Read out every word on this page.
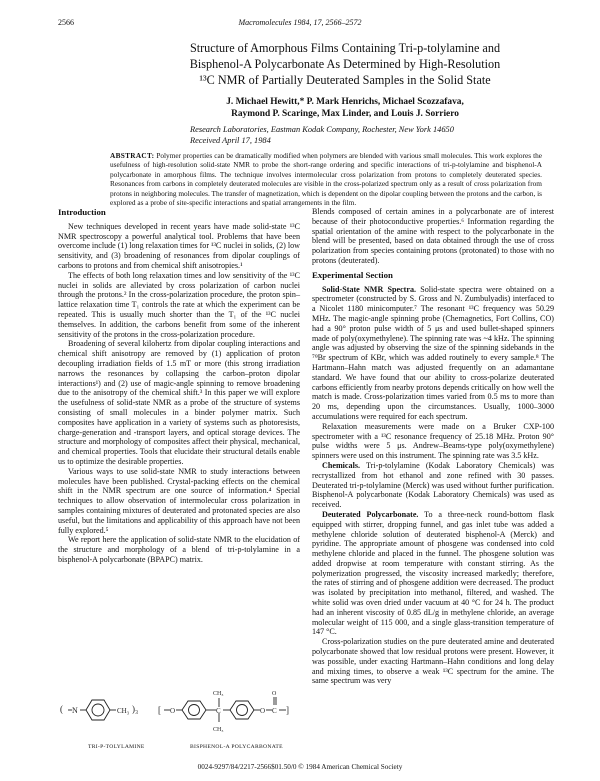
2566	Macromolecules 1984, 17, 2566–2572
Structure of Amorphous Films Containing Tri-p-tolylamine and
Bisphenol-A Polycarbonate As Determined by High-Resolution
¹³C NMR of Partially Deuterated Samples in the Solid State
J. Michael Hewitt,* P. Mark Henrichs, Michael Scozzafava,
Raymond P. Scaringe, Max Linder, and Louis J. Sorriero
Research Laboratories, Eastman Kodak Company, Rochester, New York 14650
Received April 17, 1984
ABSTRACT: Polymer properties can be dramatically modified when polymers are blended with various small molecules. This work explores the usefulness of high-resolution solid-state NMR to probe the short-range ordering and specific interactions of tri-p-tolylamine and bisphenol-A polycarbonate in amorphous films. The technique involves intermolecular cross polarization from protons to completely deuterated species. Resonances from carbons in completely deuterated molecules are visible in the cross-polarized spectrum only as a result of cross polarization from protons in neighboring molecules. The transfer of magnetization, which is dependent on the dipolar coupling between the protons and the carbon, is explored as a probe of site-specific interactions and spatial arrangements in the film.
Introduction

New techniques developed in recent years have made solid-state ¹³C NMR spectroscopy a powerful analytical tool. Problems that have been overcome include (1) long relaxation times for ¹³C nuclei in solids, (2) low sensitivity, and (3) broadening of resonances from dipolar couplings of carbons to protons and from chemical shift anisotropies.¹

The effects of both long relaxation times and low sensitivity of the ¹³C nuclei in solids are alleviated by cross polarization of carbon nuclei through the protons.² In the cross-polarization procedure, the proton spin–lattice relaxation time T₁ controls the rate at which the experiment can be repeated. This is usually much shorter than the T₁ of the ¹³C nuclei themselves. In addition, the carbons benefit from some of the inherent sensitivity of the protons in the cross-polarization procedure.

Broadening of several kilohertz from dipolar coupling interactions and chemical shift anisotropy are removed by (1) application of proton decoupling irradiation fields of 1.5 mT or more (this strong irradiation narrows the resonances by collapsing the carbon–proton dipolar interactions¹) and (2) use of magic-angle spinning to remove broadening due to the anisotropy of the chemical shift.³ In this paper we will explore the usefulness of solid-state NMR as a probe of the structure of systems consisting of small molecules in a binder polymer matrix. Such composites have application in a variety of systems such as photoresists, charge-generation and -transport layers, and optical storage devices. The structure and morphology of composites affect their physical, mechanical, and chemical properties. Tools that elucidate their structural details enable us to optimize the desirable properties.

Various ways to use solid-state NMR to study interactions between molecules have been published. Crystal-packing effects on the chemical shift in the NMR spectrum are one source of information.⁴ Special techniques to allow observation of intermolecular cross polarization in samples containing mixtures of deuterated and protonated species are also useful, but the limitations and applicability of this approach have not been fully explored.⁵

We report here the application of solid-state NMR to the elucidation of the structure and morphology of a blend of tri-p-tolylamine in a bisphenol-A polycarbonate (BPAPC) matrix.

N	CH₃
(	)₃ [ O	C
CH₃
CH₃
O C
O
]
TRI-P-TOLYLAMINE	BISPHENOL-A POLYCARBONATE

Blends composed of certain amines in a polycarbonate are of interest because of their photoconductive properties.⁶ Information regarding the spatial orientation of the amine with respect to the polycarbonate in the blend will be presented, based on data obtained through the use of cross polarization from species containing protons (protonated) to those with no protons (deuterated).

Experimental Section

Solid-State NMR Spectra. Solid-state spectra were obtained on a spectrometer (constructed by S. Gross and N. Zumbulyadis) interfaced to a Nicolet 1180 minicomputer.⁷ The resonant ¹³C frequency was 50.29 MHz. The magic-angle spinning probe (Chemagnetics, Fort Collins, CO) had a 90° proton pulse width of 5 μs and used bullet-shaped spinners made of poly(oxymethylene). The spinning rate was ~4 kHz. The spinning angle was adjusted by observing the size of the spinning sidebands in the ⁷⁹Br spectrum of KBr, which was added routinely to every sample.⁸ The Hartmann–Hahn match was adjusted frequently on an adamantane standard. We have found that our ability to cross-polarize deuterated carbons efficiently from nearby protons depends critically on how well the match is made. Cross-polarization times varied from 0.5 ms to more than 20 ms, depending upon the circumstances. Usually, 1000–3000 accumulations were required for each spectrum.

Relaxation measurements were made on a Bruker CXP-100 spectrometer with a ¹³C resonance frequency of 25.18 MHz. Proton 90° pulse widths were 5 μs. Andrew–Beams-type poly(oxymethylene) spinners were used on this instrument. The spinning rate was 3.5 kHz.

Chemicals. Tri-p-tolylamine (Kodak Laboratory Chemicals) was recrystallized from hot ethanol and zone refined with 30 passes. Deuterated tri-p-tolylamine (Merck) was used without further purification. Bisphenol-A polycarbonate (Kodak Laboratory Chemicals) was used as received.

Deuterated Polycarbonate. To a three-neck round-bottom flask equipped with stirrer, dropping funnel, and gas inlet tube was added a methylene chloride solution of deuterated bisphenol-A (Merck) and pyridine. The appropriate amount of phosgene was condensed into cold methylene chloride and placed in the funnel. The phosgene solution was added dropwise at room temperature with constant stirring. As the polymerization progressed, the viscosity increased markedly; therefore, the rates of stirring and of phosgene addition were decreased. The product was isolated by precipitation into methanol, filtered, and washed. The white solid was oven dried under vacuum at 40 °C for 24 h. The product had an inherent viscosity of 0.85 dL/g in methylene chloride, an average molecular weight of 115 000, and a single glass-transition temperature of 147 °C.

Cross-polarization studies on the pure deuterated amine and deuterated polycarbonate showed that low residual protons were present. However, it was possible, under exacting Hartmann–Hahn conditions and long delay and mixing times, to observe a weak ¹³C spectrum for the amine. The same spectrum was very

0024-9297/84/2217-2566$01.50/0 © 1984 American Chemical Society
